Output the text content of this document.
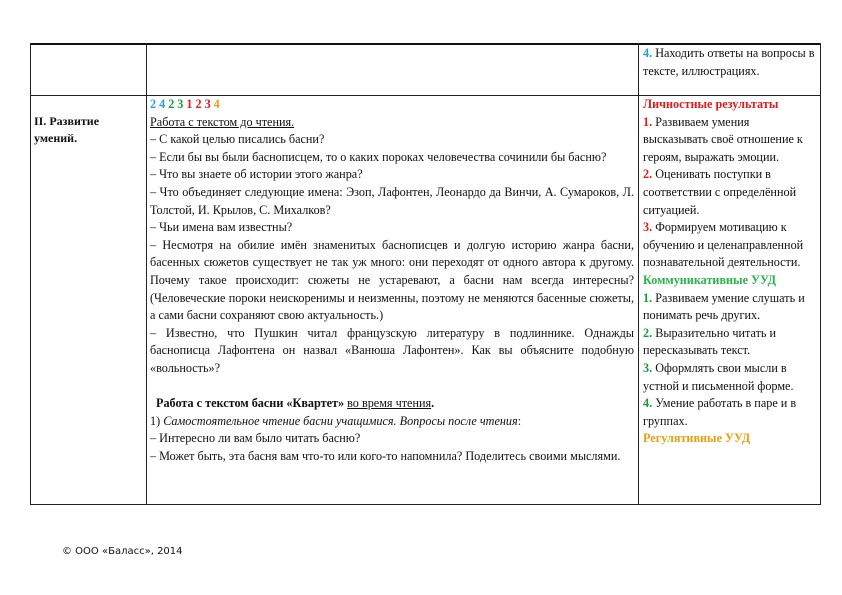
4. Находить ответы на вопросы в тексте, иллюстрациях.

II. Развитие умений.
2 4 2 3 1 2 3 4

Работа с текстом до чтения.

– С какой целью писались басни?

– Если бы вы были баснописцем, то о каких пороках человечества сочинили бы басню?

– Что вы знаете об истории этого жанра?

– Что объединяет следующие имена: Эзоп, Лафонтен, Леонардо да Винчи, А. Сумароков, Л. Толстой, И. Крылов, С. Михалков?

– Чьи имена вам известны?

– Несмотря на обилие имён знаменитых баснописцев и долгую историю жанра басни, басенных сюжетов существует не так уж много: они переходят от одного автора к другому. Почему такое происходит: сюжеты не устаревают, а басни нам всегда интересны? (Человеческие пороки неискоренимы и неизменны, поэтому не меняются басенные сюжеты, а сами басни сохраняют свою актуальность.)

– Известно, что Пушкин читал французскую литературу в подлиннике. Однажды баснописца Лафонтена он назвал «Ванюша Лафонтен». Как вы объясните подобную «вольность»?

Работа с текстом басни «Квартет» во время чтения.

1) Самостоятельное чтение басни учащимися. Вопросы после чтения:

– Интересно ли вам было читать басню?

– Может быть, эта басня вам что-то или кого-то напомнила? Поделитесь своими мыслями.

Личностные результаты

1. Развиваем умения высказывать своё отношение к героям, выражать эмоции.

2. Оценивать поступки в соответствии с определённой ситуацией.

3. Формируем мотивацию к обучению и целенаправленной познавательной деятельности.

Коммуникативные УУД

1. Развиваем умение слушать и понимать речь других.

2. Выразительно читать и пересказывать текст.

3. Оформлять свои мысли в устной и письменной форме.

4. Умение работать в паре и в группах.

Регулятивные УУД

© ООО «Баласс», 2014
